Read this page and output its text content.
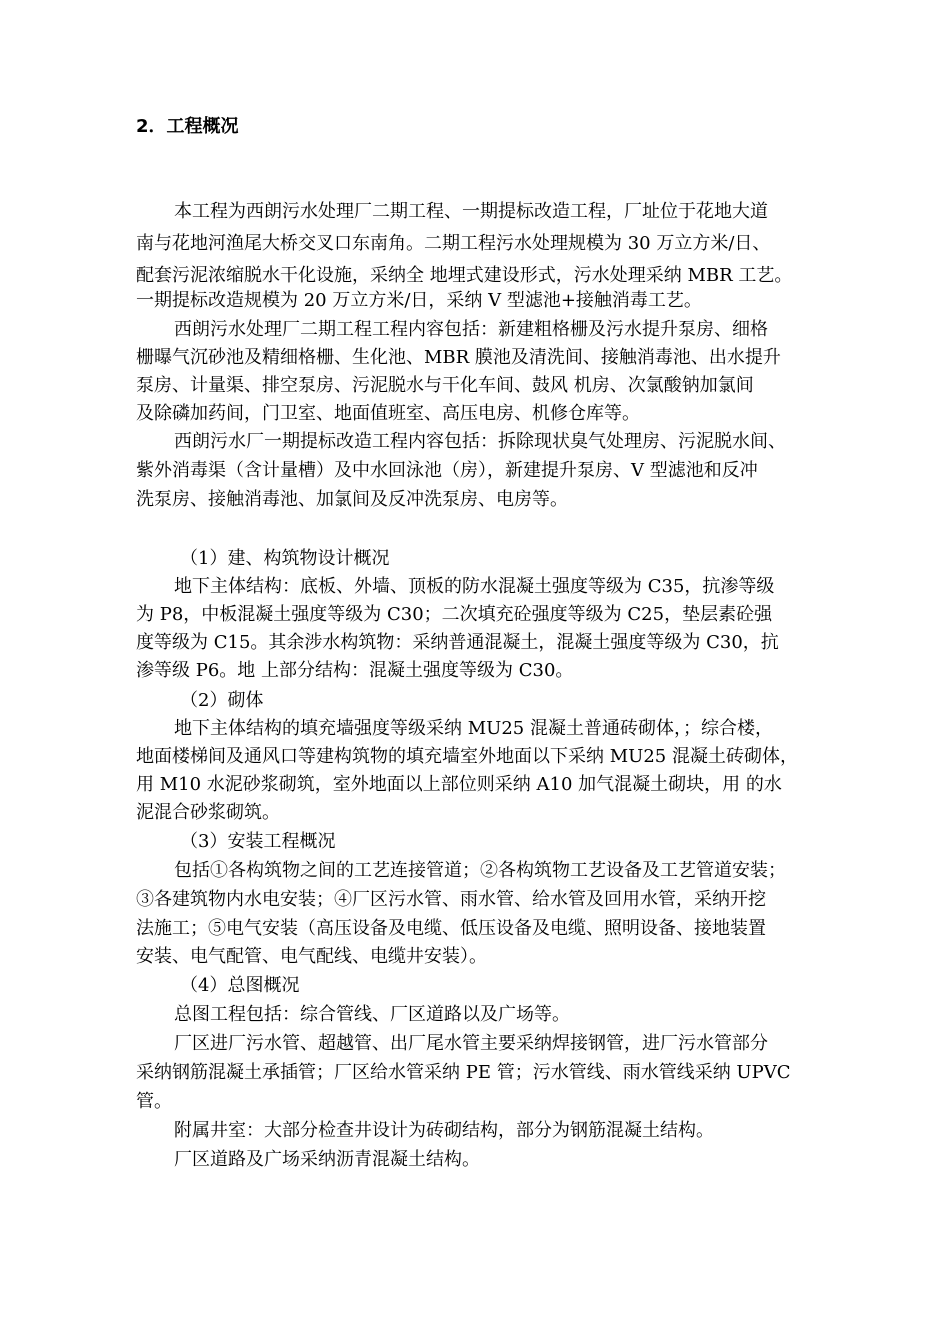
2．工程概况
本工程为西朗污水处理厂二期工程、一期提标改造工程，厂址位于花地大道
南与花地河渔尾大桥交叉口东南角。二期工程污水处理规模为 30 万立方米/日、
配套污泥浓缩脱水干化设施，采纳全 地埋式建设形式，污水处理采纳 MBR 工艺。
一期提标改造规模为 20 万立方米/日，采纳 V 型滤池+接触消毒工艺。
西朗污水处理厂二期工程工程内容包括：新建粗格栅及污水提升泵房、细格
栅曝气沉砂池及精细格栅、生化池、MBR 膜池及清洗间、接触消毒池、出水提升
泵房、计量渠、排空泵房、污泥脱水与干化车间、鼓风 机房、次氯酸钠加氯间
及除磷加药间，门卫室、地面值班室、高压电房、机修仓库等。
西朗污水厂一期提标改造工程内容包括：拆除现状臭气处理房、污泥脱水间、
紫外消毒渠（含计量槽）及中水回泳池（房），新建提升泵房、V 型滤池和反冲
洗泵房、接触消毒池、加氯间及反冲洗泵房、电房等。
（1）建、构筑物设计概况
地下主体结构：底板、外墙、顶板的防水混凝土强度等级为 C35，抗渗等级
为 P8，中板混凝土强度等级为 C30；二次填充砼强度等级为 C25，垫层素砼强
度等级为 C15。其余涉水构筑物：采纳普通混凝土，混凝土强度等级为 C30，抗
渗等级 P6。地 上部分结构：混凝土强度等级为 C30。
（2）砌体
地下主体结构的填充墙强度等级采纳 MU25 混凝土普通砖砌体，；综合楼，
地面楼梯间及通风口等建构筑物的填充墙室外地面以下采纳 MU25 混凝土砖砌体，
用 M10 水泥砂浆砌筑，室外地面以上部位则采纳 A10 加气混凝土砌块，用 的水
泥混合砂浆砌筑。
（3）安装工程概况
包括①各构筑物之间的工艺连接管道；②各构筑物工艺设备及工艺管道安装；
③各建筑物内水电安装；④厂区污水管、雨水管、给水管及回用水管，采纳开挖
法施工；⑤电气安装（高压设备及电缆、低压设备及电缆、照明设备、接地装置
安装、电气配管、电气配线、电缆井安装）。
（4）总图概况
总图工程包括：综合管线、厂区道路以及广场等。
厂区进厂污水管、超越管、出厂尾水管主要采纳焊接钢管，进厂污水管部分
采纳钢筋混凝土承插管；厂区给水管采纳 PE 管；污水管线、雨水管线采纳 UPVC
管。
附属井室：大部分检查井设计为砖砌结构，部分为钢筋混凝土结构。
厂区道路及广场采纳沥青混凝土结构。
